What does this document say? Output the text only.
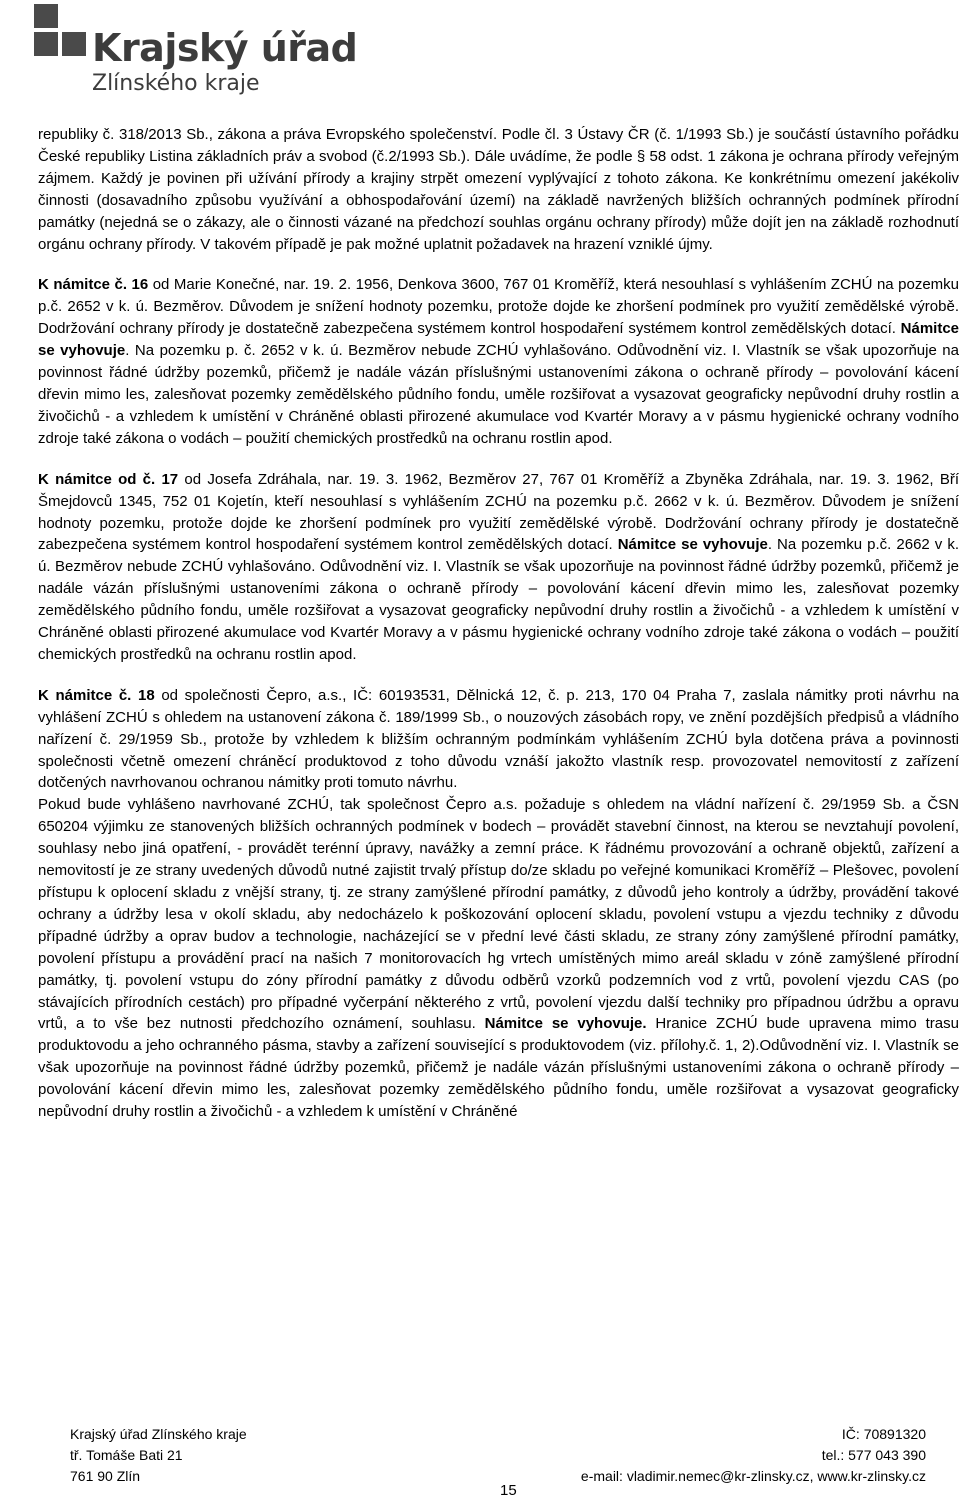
Krajský úřad
Zlínského kraje

republiky č. 318/2013 Sb., zákona a práva Evropského společenství. Podle čl. 3 Ústavy ČR (č. 1/1993 Sb.) je součástí ústavního pořádku České republiky Listina základních práv a svobod (č.2/1993 Sb.). Dále uvádíme, že podle § 58 odst. 1 zákona je ochrana přírody veřejným zájmem. Každý je povinen při užívání přírody a krajiny strpět omezení vyplývající z tohoto zákona. Ke konkrétnímu omezení jakékoliv činnosti (dosavadního způsobu využívání a obhospodařování území) na základě navržených bližších ochranných podmínek přírodní památky (nejedná se o zákazy, ale o činnosti vázané na předchozí souhlas orgánu ochrany přírody) může dojít jen na základě rozhodnutí orgánu ochrany přírody. V takovém případě je pak možné uplatnit požadavek na hrazení vzniklé újmy.

K námitce č. 16 od Marie Konečné, nar. 19. 2. 1956, Denkova 3600, 767 01 Kroměříž, která nesouhlasí s vyhlášením ZCHÚ na pozemku p.č. 2652 v k. ú. Bezměrov. Důvodem je snížení hodnoty pozemku, protože dojde ke zhoršení podmínek pro využití zemědělské výrobě. Dodržování ochrany přírody je dostatečně zabezpečena systémem kontrol hospodaření systémem kontrol zemědělských dotací. Námitce se vyhovuje. Na pozemku p. č. 2652 v k. ú. Bezměrov nebude ZCHÚ vyhlašováno. Odůvodnění viz. I. Vlastník se však upozorňuje na povinnost řádné údržby pozemků, přičemž je nadále vázán příslušnými ustanoveními zákona o ochraně přírody – povolování kácení dřevin mimo les, zalesňovat pozemky zemědělského půdního fondu, uměle rozšiřovat a vysazovat geograficky nepůvodní druhy rostlin a živočichů - a vzhledem k umístění v Chráněné oblasti přirozené akumulace vod Kvartér Moravy a v pásmu hygienické ochrany vodního zdroje také zákona o vodách – použití chemických prostředků na ochranu rostlin apod.

K námitce od č. 17 od Josefa Zdráhala, nar. 19. 3. 1962, Bezměrov 27, 767 01 Kroměříž a Zbyněka Zdráhala, nar. 19. 3. 1962, Bří Šmejdovců 1345, 752 01 Kojetín, kteří nesouhlasí s vyhlášením ZCHÚ na pozemku p.č. 2662 v k. ú. Bezměrov. Důvodem je snížení hodnoty pozemku, protože dojde ke zhoršení podmínek pro využití zemědělské výrobě. Dodržování ochrany přírody je dostatečně zabezpečena systémem kontrol hospodaření systémem kontrol zemědělských dotací. Námitce se vyhovuje. Na pozemku p.č. 2662 v k. ú. Bezměrov nebude ZCHÚ vyhlašováno. Odůvodnění viz. I. Vlastník se však upozorňuje na povinnost řádné údržby pozemků, přičemž je nadále vázán příslušnými ustanoveními zákona o ochraně přírody – povolování kácení dřevin mimo les, zalesňovat pozemky zemědělského půdního fondu, uměle rozšiřovat a vysazovat geograficky nepůvodní druhy rostlin a živočichů - a vzhledem k umístění v Chráněné oblasti přirozené akumulace vod Kvartér Moravy a v pásmu hygienické ochrany vodního zdroje také zákona o vodách – použití chemických prostředků na ochranu rostlin apod.

K námitce č. 18 od společnosti Čepro, a.s., IČ: 60193531, Dělnická 12, č. p. 213, 170 04 Praha 7, zaslala námitky proti návrhu na vyhlášení ZCHÚ s ohledem na ustanovení zákona č. 189/1999 Sb., o nouzových zásobách ropy, ve znění pozdějších předpisů a vládního nařízení č. 29/1959 Sb., protože by vzhledem k bližším ochranným podmínkám vyhlášením ZCHÚ byla dotčena práva a povinnosti společnosti včetně omezení chráněcí produktovod z toho důvodu vznáší jakožto vlastník resp. provozovatel nemovitostí z zařízení dotčených navrhovanou ochranou námitky proti tomuto návrhu.

Pokud bude vyhlášeno navrhované ZCHÚ, tak společnost Čepro a.s. požaduje s ohledem na vládní nařízení č. 29/1959 Sb. a ČSN 650204 výjimku ze stanovených bližších ochranných podmínek v bodech – provádět stavební činnost, na kterou se nevztahují povolení, souhlasy nebo jiná opatření, - provádět terénní úpravy, navážky a zemní práce. K řádnému provozování a ochraně objektů, zařízení a nemovitostí je ze strany uvedených důvodů nutné zajistit trvalý přístup do/ze skladu po veřejné komunikaci Kroměříž – Plešovec, povolení přístupu k oplocení skladu z vnější strany, tj. ze strany zamýšlené přírodní památky, z důvodů jeho kontroly a údržby, provádění takové ochrany a údržby lesa v okolí skladu, aby nedocházelo k poškozování oplocení skladu, povolení vstupu a vjezdu techniky z důvodu případné údržby a oprav budov a technologie, nacházející se v přední levé části skladu, ze strany zóny zamýšlené přírodní památky, povolení přístupu a provádění prací na našich 7 monitorovacích hg vrtech umístěných mimo areál skladu v zóně zamýšlené přírodní památky, tj. povolení vstupu do zóny přírodní památky z důvodu odběrů vzorků podzemních vod z vrtů, povolení vjezdu CAS (po stávajících přírodních cestách) pro případné vyčerpání některého z vrtů, povolení vjezdu další techniky pro případnou údržbu a opravu vrtů, a to vše bez nutnosti předchozího oznámení, souhlasu. Námitce se vyhovuje. Hranice ZCHÚ bude upravena mimo trasu produktovodu a jeho ochranného pásma, stavby a zařízení související s produktovodem (viz. přílohy.č. 1, 2).Odůvodnění viz. I. Vlastník se však upozorňuje na povinnost řádné údržby pozemků, přičemž je nadále vázán příslušnými ustanoveními zákona o ochraně přírody – povolování kácení dřevin mimo les, zalesňovat pozemky zemědělského půdního fondu, uměle rozšiřovat a vysazovat geograficky nepůvodní druhy rostlin a živočichů - a vzhledem k umístění v Chráněné

Krajský úřad Zlínského kraje
tř. Tomáše Bati 21
761 90 Zlín
IČ: 70891320
tel.: 577 043 390
e-mail: vladimir.nemec@kr-zlinsky.cz, www.kr-zlinsky.cz
15
